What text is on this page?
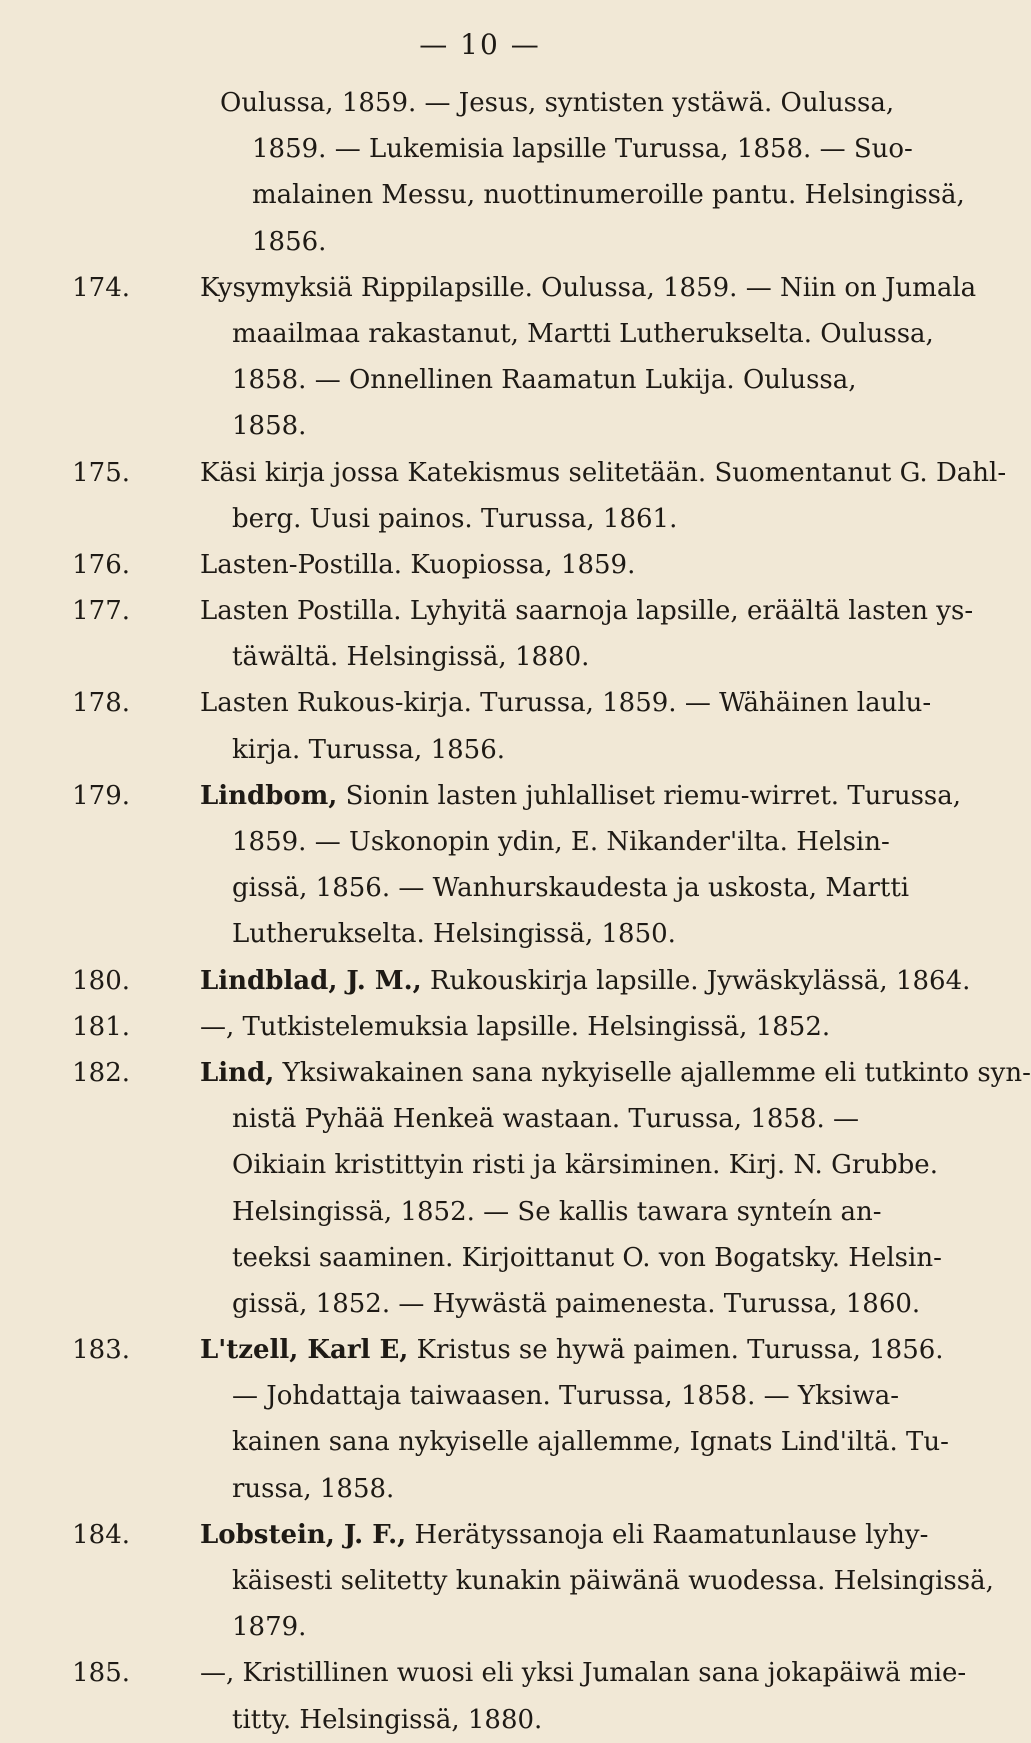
— 10 —
Oulussa, 1859. — Jesus, syntisten ystäwä. Oulussa,
1859. — Lukemisia lapsille Turussa, 1858. — Suo-
malainen Messu, nuottinumeroille pantu. Helsingissä,
1856.
174.	Kysymyksiä Rippilapsille. Oulussa, 1859. — Niin on Jumala
maailmaa rakastanut, Martti Lutherukselta. Oulussa,
1858. — Onnellinen Raamatun Lukija. Oulussa,
1858.
175.	Käsi kirja jossa Katekismus selitetään. Suomentanut G. Dahl-
berg. Uusi painos. Turussa, 1861.
176.	Lasten-Postilla. Kuopiossa, 1859.
177.	Lasten Postilla. Lyhyitä saarnoja lapsille, eräältä lasten ys-
täwältä. Helsingissä, 1880.
178.	Lasten Rukous-kirja. Turussa, 1859. — Wähäinen laulu-
kirja. Turussa, 1856.
179.	Lindbom, Sionin lasten juhlalliset riemu-wirret. Turussa,
1859. — Uskonopin ydin, E. Nikander'ilta. Helsin-
gissä, 1856. — Wanhurskaudesta ja uskosta, Martti
Lutherukselta. Helsingissä, 1850.
180.	Lindblad, J. M., Rukouskirja lapsille. Jywäskylässä, 1864.
181.	—, Tutkistelemuksia lapsille. Helsingissä, 1852.
182.	Lind, Yksiwakainen sana nykyiselle ajallemme eli tutkinto syn-
nistä Pyhää Henkeä wastaan. Turussa, 1858. —
Oikiain kristittyin risti ja kärsiminen. Kirj. N. Grubbe.
Helsingissä, 1852. — Se kallis tawara synteín an-
teeksi saaminen. Kirjoittanut O. von Bogatsky. Helsin-
gissä, 1852. — Hywästä paimenesta. Turussa, 1860.
183.	L'tzell, Karl E, Kristus se hywä paimen. Turussa, 1856.
— Johdattaja taiwaasen. Turussa, 1858. — Yksiwa-
kainen sana nykyiselle ajallemme, Ignats Lind'iltä. Tu-
russa, 1858.
184.	Lobstein, J. F., Herätyssanoja eli Raamatunlause lyhy-
käisesti selitetty kunakin päiwänä wuodessa. Helsingissä,
1879.
185.	—, Kristillinen wuosi eli yksi Jumalan sana jokapäiwä mie-
titty. Helsingissä, 1880.
